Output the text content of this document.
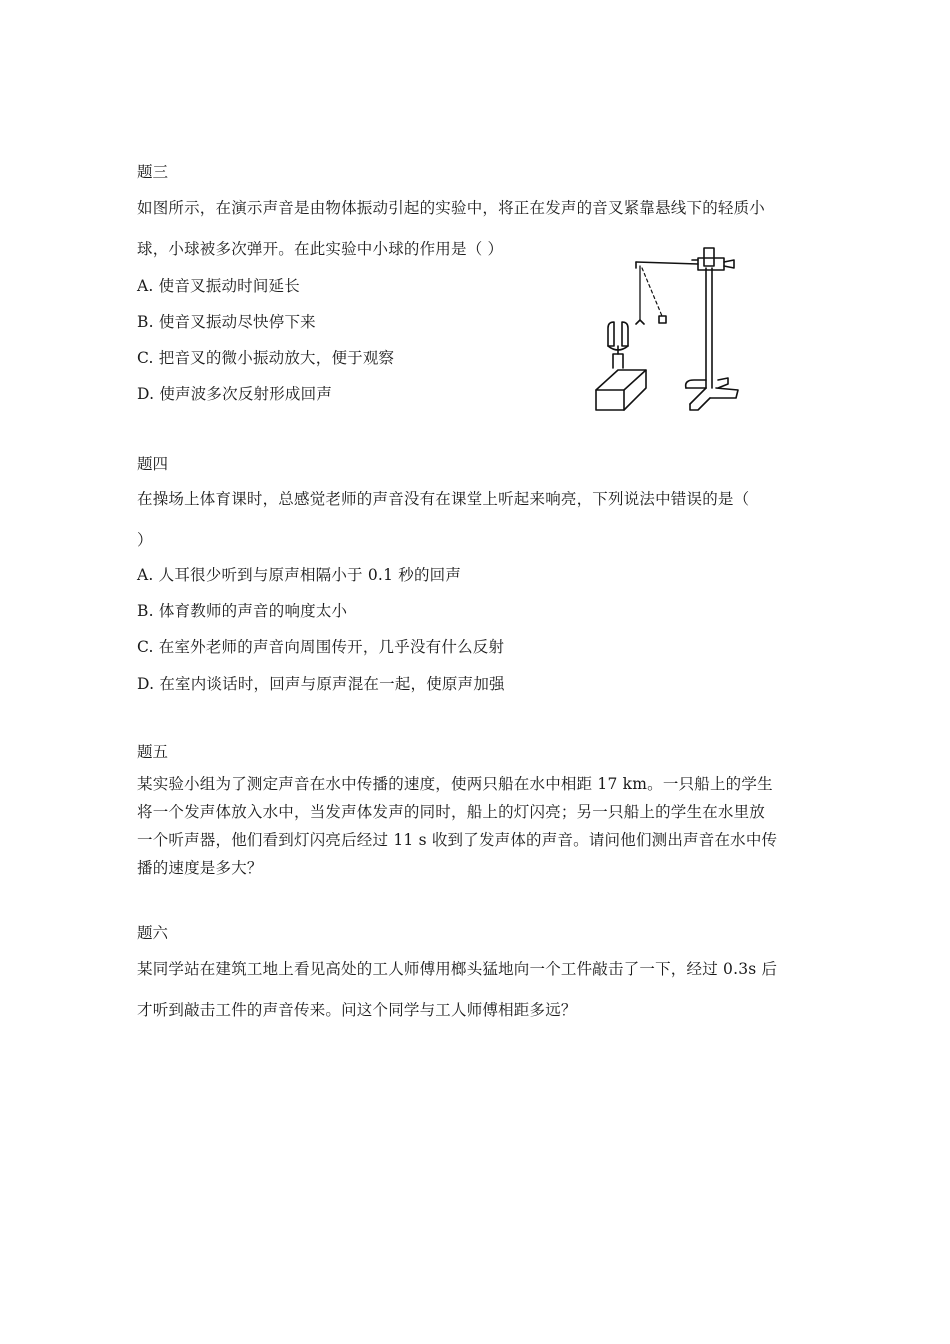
题三
如图所示，在演示声音是由物体振动引起的实验中，将正在发声的音叉紧靠悬线下的轻质小
球，小球被多次弹开。在此实验中小球的作用是（ ）
A. 使音叉振动时间延长
B. 使音叉振动尽快停下来
C. 把音叉的微小振动放大，便于观察
D. 使声波多次反射形成回声
题四
在操场上体育课时，总感觉老师的声音没有在课堂上听起来响亮，下列说法中错误的是（
）
A. 人耳很少听到与原声相隔小于 0.1 秒的回声
B. 体育教师的声音的响度太小
C. 在室外老师的声音向周围传开，几乎没有什么反射
D. 在室内谈话时，回声与原声混在一起，使原声加强
题五
某实验小组为了测定声音在水中传播的速度，使两只船在水中相距 17 km。一只船上的学生
将一个发声体放入水中，当发声体发声的同时，船上的灯闪亮；另一只船上的学生在水里放
一个听声器，他们看到灯闪亮后经过 11 s 收到了发声体的声音。请问他们测出声音在水中传
播的速度是多大？
题六
某同学站在建筑工地上看见高处的工人师傅用榔头猛地向一个工件敲击了一下，经过 0.3s 后
才听到敲击工件的声音传来。问这个同学与工人师傅相距多远？
